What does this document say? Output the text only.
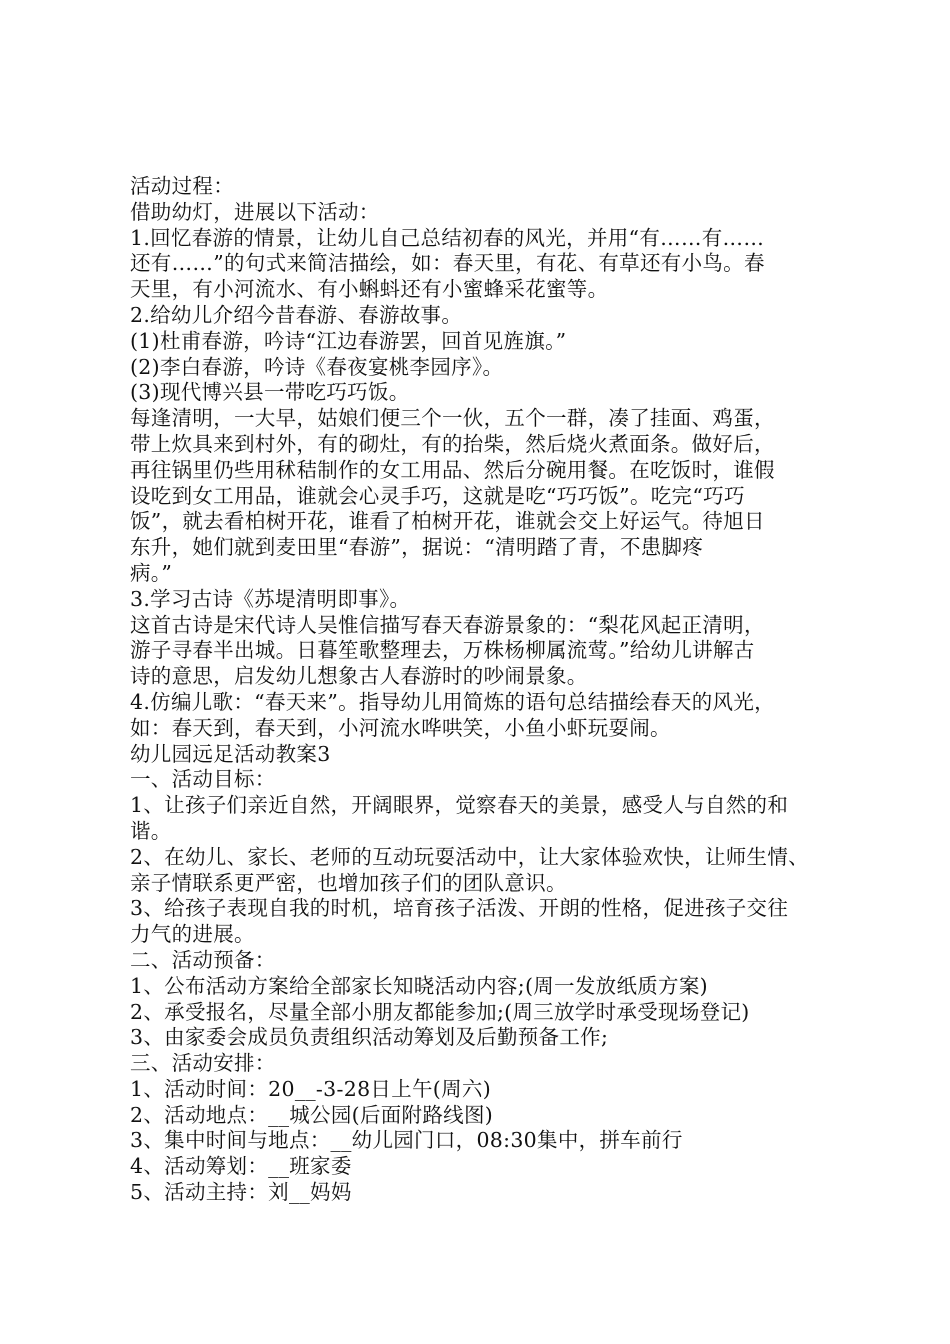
活动过程：
借助幼灯，进展以下活动：
1.回忆春游的情景，让幼儿自己总结初春的风光，并用“有……有……
还有……”的句式来简洁描绘，如：春天里，有花、有草还有小鸟。春
天里，有小河流水、有小蝌蚪还有小蜜蜂采花蜜等。
2.给幼儿介绍今昔春游、春游故事。
(1)杜甫春游，吟诗“江边春游罢，回首见旌旗。”
(2)李白春游，吟诗《春夜宴桃李园序》。
(3)现代博兴县一带吃巧巧饭。
每逢清明，一大早，姑娘们便三个一伙，五个一群，凑了挂面、鸡蛋，
带上炊具来到村外，有的砌灶，有的抬柴，然后烧火煮面条。做好后，
再往锅里仍些用秫秸制作的女工用品、然后分碗用餐。在吃饭时，谁假
设吃到女工用品，谁就会心灵手巧，这就是吃“巧巧饭”。吃完“巧巧
饭”，就去看柏树开花，谁看了柏树开花，谁就会交上好运气。待旭日
东升，她们就到麦田里“春游”，据说：“清明踏了青，不患脚疼
病。”
3.学习古诗《苏堤清明即事》。
这首古诗是宋代诗人吴惟信描写春天春游景象的：“梨花风起正清明，
游子寻春半出城。日暮笙歌整理去，万株杨柳属流莺。”给幼儿讲解古
诗的意思，启发幼儿想象古人春游时的吵闹景象。
4.仿编儿歌：“春天来”。指导幼儿用简炼的语句总结描绘春天的风光，
如：春天到，春天到，小河流水哗哄笑，小鱼小虾玩耍闹。
幼儿园远足活动教案3
一、活动目标：
1、让孩子们亲近自然，开阔眼界，觉察春天的美景，感受人与自然的和
谐。
2、在幼儿、家长、老师的互动玩耍活动中，让大家体验欢快，让师生情、
亲子情联系更严密，也增加孩子们的团队意识。
3、给孩子表现自我的时机，培育孩子活泼、开朗的性格，促进孩子交往
力气的进展。
二、活动预备：
1、公布活动方案给全部家长知晓活动内容;(周一发放纸质方案)
2、承受报名，尽量全部小朋友都能参加;(周三放学时承受现场登记)
3、由家委会成员负责组织活动筹划及后勤预备工作;
三、活动安排：
1、活动时间：20__-3-28日上午(周六)
2、活动地点：__城公园(后面附路线图)
3、集中时间与地点：__幼儿园门口，08:30集中，拼车前行
4、活动筹划：__班家委
5、活动主持：刘__妈妈
